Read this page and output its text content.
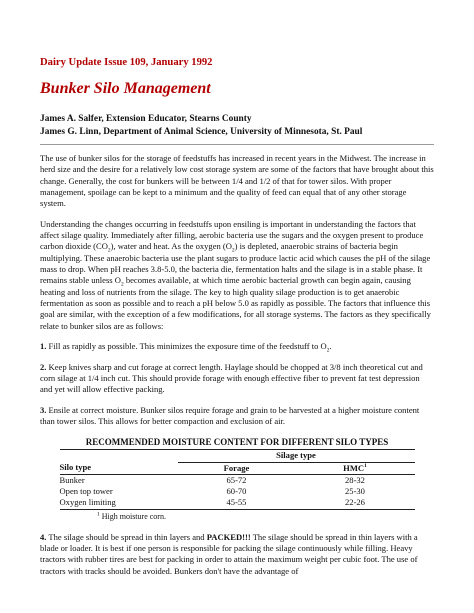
Dairy Update Issue 109, January 1992
Bunker Silo Management
James A. Salfer, Extension Educator, Stearns County
James G. Linn, Department of Animal Science, University of Minnesota, St. Paul

The use of bunker silos for the storage of feedstuffs has increased in recent years in the Midwest. The increase in herd size and the desire for a relatively low cost storage system are some of the factors that have brought about this change. Generally, the cost for bunkers will be between 1/4 and 1/2 of that for tower silos. With proper management, spoilage can be kept to a minimum and the quality of feed can equal that of any other storage system.

Understanding the changes occurring in feedstuffs upon ensiling is important in understanding the factors that affect silage quality. Immediately after filling, aerobic bacteria use the sugars and the oxygen present to produce carbon dioxide $(CO_2)$, water and heat. As the oxygen $(O_2)$ is depleted, anaerobic strains of bacteria begin multiplying. These anaerobic bacteria use the plant sugars to produce lactic acid which causes the pH of the silage mass to drop. When pH reaches 3.8-5.0, the bacteria die, fermentation halts and the silage is in a stable phase. It remains stable unless $O_2$ becomes available, at which time aerobic bacterial growth can begin again, causing heating and loss of nutrients from the silage. The key to high quality silage production is to get anaerobic fermentation as soon as possible and to reach a pH below 5.0 as rapidly as possible. The factors that influence this goal are similar, with the exception of a few modifications, for all storage systems. The factors as they specifically relate to bunker silos are as follows:

1. Fill as rapidly as possible. This minimizes the exposure time of the feedstuff to $O_2$.

2. Keep knives sharp and cut forage at correct length. Haylage should be chopped at 3/8 inch theoretical cut and corn silage at 1/4 inch cut. This should provide forage with enough effective fiber to prevent fat test depression and yet will allow effective packing.

3. Ensile at correct moisture. Bunker silos require forage and grain to be harvested at a higher moisture content than tower silos. This allows for better compaction and exclusion of air.

RECOMMENDED MOISTURE CONTENT FOR DIFFERENT SILO TYPES

	Silage type	
Silo type	Forage	HMC$^1$
Bunker	65-72	28-32
Open top tower	60-70	25-30
Oxygen limiting	45-55	22-26

$^1$ High moisture corn.

4. The silage should be spread in thin layers and PACKED!!! The silage should be spread in thin layers with a blade or loader. It is best if one person is responsible for packing the silage continuously while filling. Heavy tractors with rubber tires are best for packing in order to attain the maximum weight per cubic foot. The use of tractors with tracks should be avoided. Bunkers don't have the advantage of
